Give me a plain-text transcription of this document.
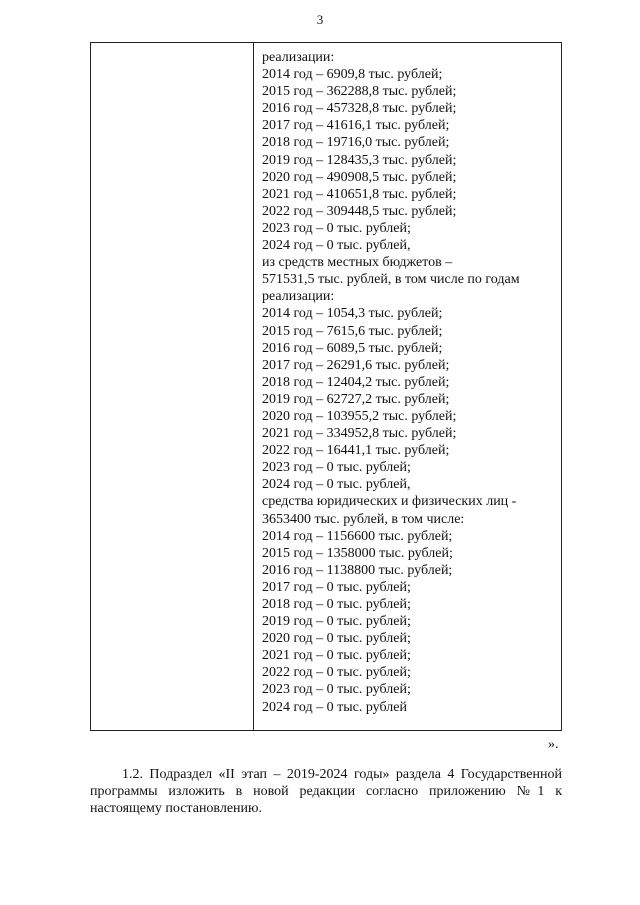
3
реализации:
2014 год – 6909,8 тыс. рублей;
2015 год – 362288,8 тыс. рублей;
2016 год – 457328,8 тыс. рублей;
2017 год – 41616,1 тыс. рублей;
2018 год – 19716,0 тыс. рублей;
2019 год – 128435,3 тыс. рублей;
2020 год – 490908,5 тыс. рублей;
2021 год – 410651,8 тыс. рублей;
2022 год – 309448,5 тыс. рублей;
2023 год – 0 тыс. рублей;
2024 год – 0 тыс. рублей,
из средств местных бюджетов –
571531,5 тыс. рублей, в том числе по годам
реализации:
2014 год – 1054,3 тыс. рублей;
2015 год – 7615,6 тыс. рублей;
2016 год – 6089,5 тыс. рублей;
2017 год – 26291,6 тыс. рублей;
2018 год – 12404,2 тыс. рублей;
2019 год – 62727,2 тыс. рублей;
2020 год – 103955,2 тыс. рублей;
2021 год – 334952,8 тыс. рублей;
2022 год – 16441,1 тыс. рублей;
2023 год – 0 тыс. рублей;
2024 год – 0 тыс. рублей,
средства юридических и физических лиц -
3653400 тыс. рублей, в том числе:
2014 год – 1156600 тыс. рублей;
2015 год – 1358000 тыс. рублей;
2016 год – 1138800 тыс. рублей;
2017 год – 0 тыс. рублей;
2018 год – 0 тыс. рублей;
2019 год – 0 тыс. рублей;
2020 год – 0 тыс. рублей;
2021 год – 0 тыс. рублей;
2022 год – 0 тыс. рублей;
2023 год – 0 тыс. рублей;
2024 год – 0 тыс. рублей
».
1.2. Подраздел «II этап – 2019-2024 годы» раздела 4 Государственной программы изложить в новой редакции согласно приложению №1 к настоящему постановлению.
